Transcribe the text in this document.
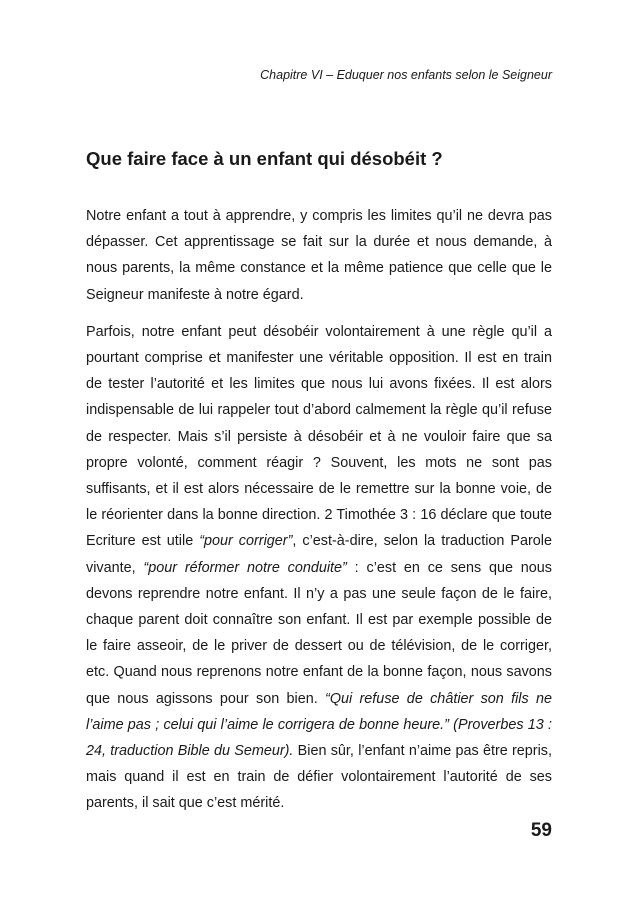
Chapitre VI – Eduquer nos enfants selon le Seigneur
Que faire face à un enfant qui désobéit ?

Notre enfant a tout à apprendre, y compris les limites qu’il ne devra pas dépasser. Cet apprentissage se fait sur la durée et nous demande, à nous parents, la même constance et la même patience que celle que le Seigneur manifeste à notre égard.

Parfois, notre enfant peut désobéir volontairement à une règle qu’il a pourtant comprise et manifester une véritable opposition. Il est en train de tester l’autorité et les limites que nous lui avons fixées. Il est alors indispensable de lui rappeler tout d’abord calmement la règle qu’il refuse de respecter. Mais s’il persiste à désobéir et à ne vouloir faire que sa propre volonté, comment réagir ? Souvent, les mots ne sont pas suffisants, et il est alors nécessaire de le remettre sur la bonne voie, de le réorienter dans la bonne direction. 2 Timothée 3 : 16 déclare que toute Ecriture est utile “pour corriger”, c’est-à-dire, selon la traduction Parole vivante, “pour réformer notre conduite” : c’est en ce sens que nous devons reprendre notre enfant. Il n’y a pas une seule façon de le faire, chaque parent doit connaître son enfant. Il est par exemple possible de le faire asseoir, de le priver de dessert ou de télévision, de le corriger, etc. Quand nous reprenons notre enfant de la bonne façon, nous savons que nous agissons pour son bien. “Qui refuse de châtier son fils ne l’aime pas ; celui qui l’aime le corrigera de bonne heure.” (Proverbes 13 : 24, traduction Bible du Semeur). Bien sûr, l’enfant n’aime pas être repris, mais quand il est en train de défier volontairement l’autorité de ses parents, il sait que c’est mérité.

59
